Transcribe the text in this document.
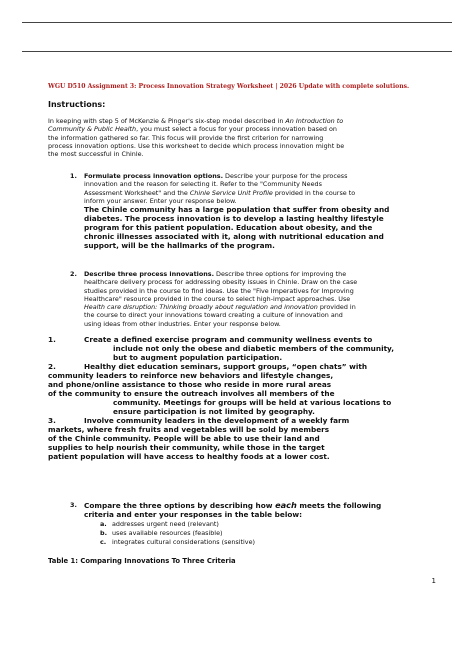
WGU D510 Assignment 3: Process Innovation Strategy Worksheet | 2026 Update with complete solutions.
Instructions:
In keeping with step 5 of McKenzie & Pinger's six-step model described in An Introduction to
Community & Public Health, you must select a focus for your process innovation based on
the information gathered so far. This focus will provide the first criterion for narrowing
process innovation options. Use this worksheet to decide which process innovation might be
the most successful in Chinle.
1. Formulate process innovation options. Describe your purpose for the process
innovation and the reason for selecting it. Refer to the "Community Needs
Assessment Worksheet" and the Chinle Service Unit Profile provided in the course to
inform your answer. Enter your response below.
The Chinle community has a large population that suffer from obesity and
diabetes. The process innovation is to develop a lasting healthy lifestyle
program for this patient population. Education about obesity, and the
chronic illnesses associated with it, along with nutritional education and
support, will be the hallmarks of the program.
2. Describe three process innovations. Describe three options for improving the
healthcare delivery process for addressing obesity issues in Chinle. Draw on the case
studies provided in the course to find ideas. Use the "Five Imperatives for Improving
Healthcare" resource provided in the course to select high-impact approaches. Use
Health care disruption: Thinking broadly about regulation and innovation provided in
the course to direct your innovations toward creating a culture of innovation and
using ideas from other industries. Enter your response below.
1.	Create a defined exercise program and community wellness events to
include not only the obese and diabetic members of the community,
but to augment population participation.
2.	Healthy diet education seminars, support groups, “open chats” with
community leaders to reinforce new behaviors and lifestyle changes,
and phone/online assistance to those who reside in more rural areas
of the community to ensure the outreach involves all members of the
community. Meetings for groups will be held at various locations to
ensure participation is not limited by geography.
3.	Involve community leaders in the development of a weekly farm
markets, where fresh fruits and vegetables will be sold by members
of the Chinle community. People will be able to use their land and
supplies to help nourish their community, while those in the target
patient population will have access to healthy foods at a lower cost.
3. Compare the three options by describing how each meets the following
criteria and enter your responses in the table below:
a. addresses urgent need (relevant)
b. uses available resources (feasible)
c. integrates cultural considerations (sensitive)
Table 1: Comparing Innovations To Three Criteria
1
